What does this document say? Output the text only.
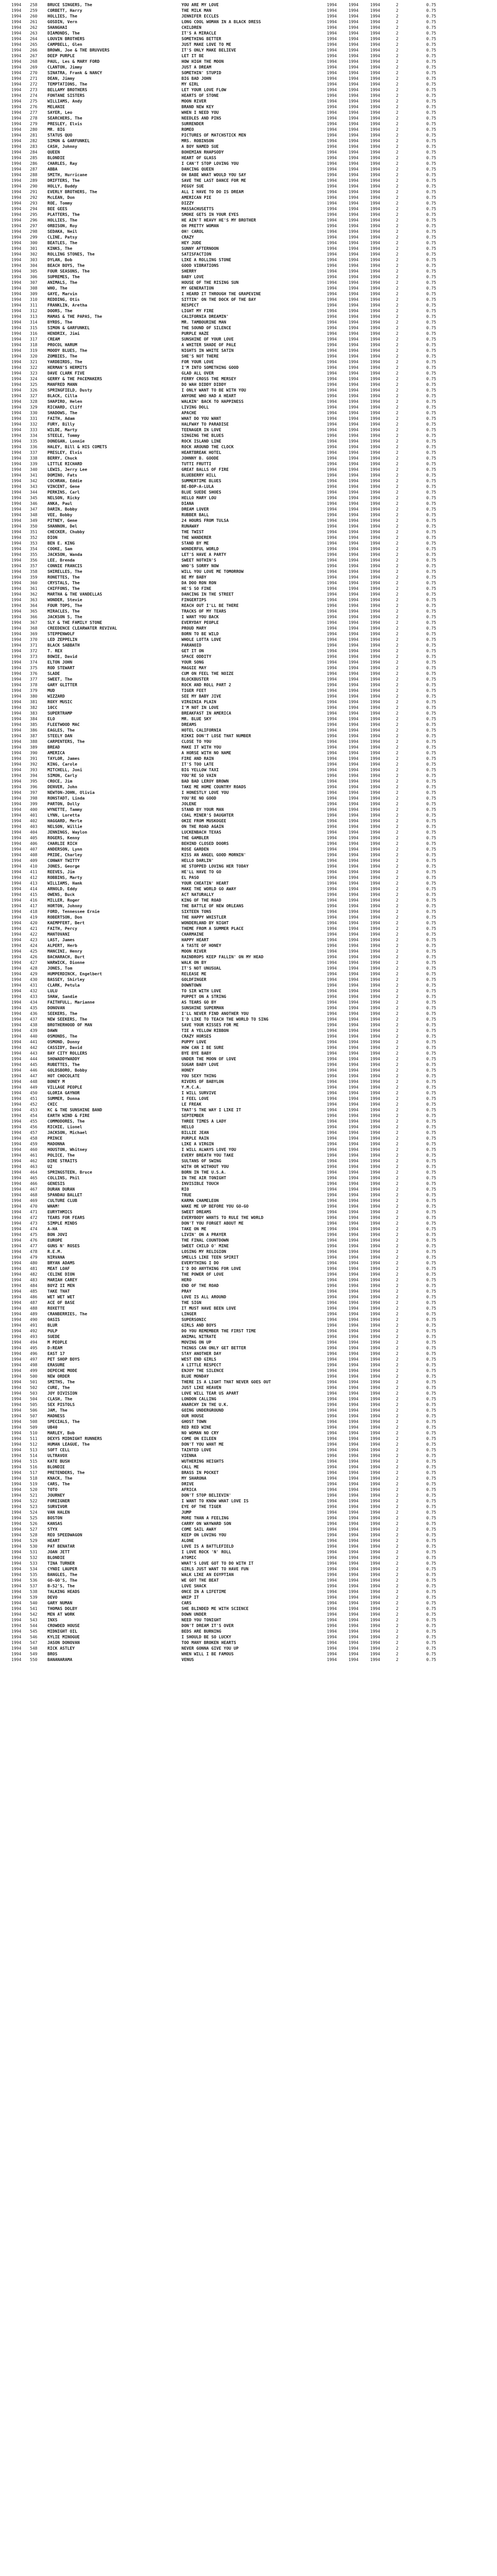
1994	258	BRUCE SINGERS, The	YOU ARE MY LOVE	1994	1994	1994	2	0.75
1994	259	CORBETT, Harry	THE MILK MAN	1994	1994	1994	2	0.75
1994	260	HOLLIES, The	JENNIFER ECCLES	1994	1994	1994	2	0.75
1994	261	GOSDIN, Vern	LONG COOL WOMAN IN A BLACK DRESS	1994	1994	1994	2	0.75
1994	262	SHANGHAI	CHILDREN	1994	1994	1994	2	0.75
1994	263	DIAMONDS, The	IT'S A MIRACLE	1994	1994	1994	2	0.75
1994	264	LOUVIN BROTHERS	SOMETHING BETTER	1994	1994	1994	2	0.75
1994	265	CAMPBELL, Glen	JUST MAKE LOVE TO ME	1994	1994	1994	2	0.75
1994	266	BROWN, Joe & THE BRUVVERS	IT'S ONLY MAKE BELIEVE	1994	1994	1994	2	0.75
1994	267	DEEP PURPLE	LET IT BE	1994	1994	1994	2	0.75
1994	268	PAUL, Les & MARY FORD	HOW HIGH THE MOON	1994	1994	1994	2	0.75
1994	269	CLANTON, Jimmy	JUST A DREAM	1994	1994	1994	2	0.75
1994	270	SINATRA, Frank & NANCY	SOMETHIN' STUPID	1994	1994	1994	2	0.75
1994	271	DEAN, Jimmy	BIG BAD JOHN	1994	1994	1994	2	0.75
1994	272	TEMPTATIONS, The	MY GIRL	1994	1994	1994	2	0.75
1994	273	BELLAMY BROTHERS	LET YOUR LOVE FLOW	1994	1994	1994	2	0.75
1994	274	FONTANE SISTERS	HEARTS OF STONE	1994	1994	1994	2	0.75
1994	275	WILLIAMS, Andy	MOON RIVER	1994	1994	1994	2	0.75
1994	276	MELANIE	BRAND NEW KEY	1994	1994	1994	2	0.75
1994	277	SAYER, Leo	WHEN I NEED YOU	1994	1994	1994	2	0.75
1994	278	SEARCHERS, The	NEEDLES AND PINS	1994	1994	1994	2	0.75
1994	279	PRESLEY, Elvis	SURRENDER	1994	1994	1994	2	0.75
1994	280	MR. BIG	ROMEO	1994	1994	1994	2	0.75
1994	281	STATUS QUO	PICTURES OF MATCHSTICK MEN	1994	1994	1994	2	0.75
1994	282	SIMON & GARFUNKEL	MRS. ROBINSON	1994	1994	1994	2	0.75
1994	283	CASH, Johnny	A BOY NAMED SUE	1994	1994	1994	2	0.75
1994	284	QUEEN	BOHEMIAN RHAPSODY	1994	1994	1994	2	0.75
1994	285	BLONDIE	HEART OF GLASS	1994	1994	1994	2	0.75
1994	286	CHARLES, Ray	I CAN'T STOP LOVING YOU	1994	1994	1994	2	0.75
1994	287	ABBA	DANCING QUEEN	1994	1994	1994	2	0.75
1994	288	SMITH, Hurricane	OH BABE WHAT WOULD YOU SAY	1994	1994	1994	2	0.75
1994	289	DRIFTERS, The	SAVE THE LAST DANCE FOR ME	1994	1994	1994	2	0.75
1994	290	HOLLY, Buddy	PEGGY SUE	1994	1994	1994	2	0.75
1994	291	EVERLY BROTHERS, The	ALL I HAVE TO DO IS DREAM	1994	1994	1994	2	0.75
1994	292	McLEAN, Don	AMERICAN PIE	1994	1994	1994	2	0.75
1994	293	ROE, Tommy	DIZZY	1994	1994	1994	2	0.75
1994	294	BEE GEES	MASSACHUSETTS	1994	1994	1994	2	0.75
1994	295	PLATTERS, The	SMOKE GETS IN YOUR EYES	1994	1994	1994	2	0.75
1994	296	HOLLIES, The	HE AIN'T HEAVY HE'S MY BROTHER	1994	1994	1994	2	0.75
1994	297	ORBISON, Roy	OH PRETTY WOMAN	1994	1994	1994	2	0.75
1994	298	SEDAKA, Neil	OH! CAROL	1994	1994	1994	2	0.75
1994	299	CLINE, Patsy	CRAZY	1994	1994	1994	2	0.75
1994	300	BEATLES, The	HEY JUDE	1994	1994	1994	2	0.75
1994	301	KINKS, The	SUNNY AFTERNOON	1994	1994	1994	2	0.75
1994	302	ROLLING STONES, The	SATISFACTION	1994	1994	1994	2	0.75
1994	303	DYLAN, Bob	LIKE A ROLLING STONE	1994	1994	1994	2	0.75
1994	304	BEACH BOYS, The	GOOD VIBRATIONS	1994	1994	1994	2	0.75
1994	305	FOUR SEASONS, The	SHERRY	1994	1994	1994	2	0.75
1994	306	SUPREMES, The	BABY LOVE	1994	1994	1994	2	0.75
1994	307	ANIMALS, The	HOUSE OF THE RISING SUN	1994	1994	1994	2	0.75
1994	308	WHO, The	MY GENERATION	1994	1994	1994	2	0.75
1994	309	GAYE, Marvin	I HEARD IT THROUGH THE GRAPEVINE	1994	1994	1994	2	0.75
1994	310	REDDING, Otis	SITTIN' ON THE DOCK OF THE BAY	1994	1994	1994	2	0.75
1994	311	FRANKLIN, Aretha	RESPECT	1994	1994	1994	2	0.75
1994	312	DOORS, The	LIGHT MY FIRE	1994	1994	1994	2	0.75
1994	313	MAMAS & THE PAPAS, The	CALIFORNIA DREAMIN'	1994	1994	1994	2	0.75
1994	314	BYRDS, The	MR. TAMBOURINE MAN	1994	1994	1994	2	0.75
1994	315	SIMON & GARFUNKEL	THE SOUND OF SILENCE	1994	1994	1994	2	0.75
1994	316	HENDRIX, Jimi	PURPLE HAZE	1994	1994	1994	2	0.75
1994	317	CREAM	SUNSHINE OF YOUR LOVE	1994	1994	1994	2	0.75
1994	318	PROCOL HARUM	A WHITER SHADE OF PALE	1994	1994	1994	2	0.75
1994	319	MOODY BLUES, The	NIGHTS IN WHITE SATIN	1994	1994	1994	2	0.75
1994	320	ZOMBIES, The	SHE'S NOT THERE	1994	1994	1994	2	0.75
1994	321	YARDBIRDS, The	FOR YOUR LOVE	1994	1994	1994	2	0.75
1994	322	HERMAN'S HERMITS	I'M INTO SOMETHING GOOD	1994	1994	1994	2	0.75
1994	323	DAVE CLARK FIVE	GLAD ALL OVER	1994	1994	1994	2	0.75
1994	324	GERRY & THE PACEMAKERS	FERRY CROSS THE MERSEY	1994	1994	1994	2	0.75
1994	325	MANFRED MANN	DO WAH DIDDY DIDDY	1994	1994	1994	2	0.75
1994	326	SPRINGFIELD, Dusty	I ONLY WANT TO BE WITH YOU	1994	1994	1994	2	0.75
1994	327	BLACK, Cilla	ANYONE WHO HAD A HEART	1994	1994	1994	2	0.75
1994	328	SHAPIRO, Helen	WALKIN' BACK TO HAPPINESS	1994	1994	1994	2	0.75
1994	329	RICHARD, Cliff	LIVING DOLL	1994	1994	1994	2	0.75
1994	330	SHADOWS, The	APACHE	1994	1994	1994	2	0.75
1994	331	FAITH, Adam	WHAT DO YOU WANT	1994	1994	1994	2	0.75
1994	332	FURY, Billy	HALFWAY TO PARADISE	1994	1994	1994	2	0.75
1994	333	WILDE, Marty	TEENAGER IN LOVE	1994	1994	1994	2	0.75
1994	334	STEELE, Tommy	SINGING THE BLUES	1994	1994	1994	2	0.75
1994	335	DONEGAN, Lonnie	ROCK ISLAND LINE	1994	1994	1994	2	0.75
1994	336	HALEY, Bill & HIS COMETS	ROCK AROUND THE CLOCK	1994	1994	1994	2	0.75
1994	337	PRESLEY, Elvis	HEARTBREAK HOTEL	1994	1994	1994	2	0.75
1994	338	BERRY, Chuck	JOHNNY B. GOODE	1994	1994	1994	2	0.75
1994	339	LITTLE RICHARD	TUTTI FRUTTI	1994	1994	1994	2	0.75
1994	340	LEWIS, Jerry Lee	GREAT BALLS OF FIRE	1994	1994	1994	2	0.75
1994	341	DOMINO, Fats	BLUEBERRY HILL	1994	1994	1994	2	0.75
1994	342	COCHRAN, Eddie	SUMMERTIME BLUES	1994	1994	1994	2	0.75
1994	343	VINCENT, Gene	BE-BOP-A-LULA	1994	1994	1994	2	0.75
1994	344	PERKINS, Carl	BLUE SUEDE SHOES	1994	1994	1994	2	0.75
1994	345	NELSON, Ricky	HELLO MARY LOU	1994	1994	1994	2	0.75
1994	346	ANKA, Paul	DIANA	1994	1994	1994	2	0.75
1994	347	DARIN, Bobby	DREAM LOVER	1994	1994	1994	2	0.75
1994	348	VEE, Bobby	RUBBER BALL	1994	1994	1994	2	0.75
1994	349	PITNEY, Gene	24 HOURS FROM TULSA	1994	1994	1994	2	0.75
1994	350	SHANNON, Del	RUNAWAY	1994	1994	1994	2	0.75
1994	351	CHECKER, Chubby	THE TWIST	1994	1994	1994	2	0.75
1994	352	DION	THE WANDERER	1994	1994	1994	2	0.75
1994	353	BEN E. KING	STAND BY ME	1994	1994	1994	2	0.75
1994	354	COOKE, Sam	WONDERFUL WORLD	1994	1994	1994	2	0.75
1994	355	JACKSON, Wanda	LET'S HAVE A PARTY	1994	1994	1994	2	0.75
1994	356	LEE, Brenda	SWEET NOTHIN'S	1994	1994	1994	2	0.75
1994	357	CONNIE FRANCIS	WHO'S SORRY NOW	1994	1994	1994	2	0.75
1994	358	SHIRELLES, The	WILL YOU LOVE ME TOMORROW	1994	1994	1994	2	0.75
1994	359	RONETTES, The	BE MY BABY	1994	1994	1994	2	0.75
1994	360	CRYSTALS, The	DA DOO RON RON	1994	1994	1994	2	0.75
1994	361	CHIFFONS, The	HE'S SO FINE	1994	1994	1994	2	0.75
1994	362	MARTHA & THE VANDELLAS	DANCING IN THE STREET	1994	1994	1994	2	0.75
1994	363	WONDER, Stevie	FINGERTIPS	1994	1994	1994	2	0.75
1994	364	FOUR TOPS, The	REACH OUT I'LL BE THERE	1994	1994	1994	2	0.75
1994	365	MIRACLES, The	TRACKS OF MY TEARS	1994	1994	1994	2	0.75
1994	366	JACKSON 5, The	I WANT YOU BACK	1994	1994	1994	2	0.75
1994	367	SLY & THE FAMILY STONE	EVERYDAY PEOPLE	1994	1994	1994	2	0.75
1994	368	CREEDENCE CLEARWATER REVIVAL	PROUD MARY	1994	1994	1994	2	0.75
1994	369	STEPPENWOLF	BORN TO BE WILD	1994	1994	1994	2	0.75
1994	370	LED ZEPPELIN	WHOLE LOTTA LOVE	1994	1994	1994	2	0.75
1994	371	BLACK SABBATH	PARANOID	1994	1994	1994	2	0.75
1994	372	T. REX	GET IT ON	1994	1994	1994	2	0.75
1994	373	BOWIE, David	SPACE ODDITY	1994	1994	1994	2	0.75
1994	374	ELTON JOHN	YOUR SONG	1994	1994	1994	2	0.75
1994	375	ROD STEWART	MAGGIE MAY	1994	1994	1994	2	0.75
1994	376	SLADE	CUM ON FEEL THE NOIZE	1994	1994	1994	2	0.75
1994	377	SWEET, The	BLOCKBUSTER	1994	1994	1994	2	0.75
1994	378	GARY GLITTER	ROCK AND ROLL PART 2	1994	1994	1994	2	0.75
1994	379	MUD	TIGER FEET	1994	1994	1994	2	0.75
1994	380	WIZZARD	SEE MY BABY JIVE	1994	1994	1994	2	0.75
1994	381	ROXY MUSIC	VIRGINIA PLAIN	1994	1994	1994	2	0.75
1994	382	10CC	I'M NOT IN LOVE	1994	1994	1994	2	0.75
1994	383	SUPERTRAMP	BREAKFAST IN AMERICA	1994	1994	1994	2	0.75
1994	384	ELO	MR. BLUE SKY	1994	1994	1994	2	0.75
1994	385	FLEETWOOD MAC	DREAMS	1994	1994	1994	2	0.75
1994	386	EAGLES, The	HOTEL CALIFORNIA	1994	1994	1994	2	0.75
1994	387	STEELY DAN	RIKKI DON'T LOSE THAT NUMBER	1994	1994	1994	2	0.75
1994	388	CARPENTERS, The	CLOSE TO YOU	1994	1994	1994	2	0.75
1994	389	BREAD	MAKE IT WITH YOU	1994	1994	1994	2	0.75
1994	390	AMERICA	A HORSE WITH NO NAME	1994	1994	1994	2	0.75
1994	391	TAYLOR, James	FIRE AND RAIN	1994	1994	1994	2	0.75
1994	392	KING, Carole	IT'S TOO LATE	1994	1994	1994	2	0.75
1994	393	MITCHELL, Joni	BIG YELLOW TAXI	1994	1994	1994	2	0.75
1994	394	SIMON, Carly	YOU'RE SO VAIN	1994	1994	1994	2	0.75
1994	395	CROCE, Jim	BAD BAD LEROY BROWN	1994	1994	1994	2	0.75
1994	396	DENVER, John	TAKE ME HOME COUNTRY ROADS	1994	1994	1994	2	0.75
1994	397	NEWTON-JOHN, Olivia	I HONESTLY LOVE YOU	1994	1994	1994	2	0.75
1994	398	RONSTADT, Linda	YOU'RE NO GOOD	1994	1994	1994	2	0.75
1994	399	PARTON, Dolly	JOLENE	1994	1994	1994	2	0.75
1994	400	WYNETTE, Tammy	STAND BY YOUR MAN	1994	1994	1994	2	0.75
1994	401	LYNN, Loretta	COAL MINER'S DAUGHTER	1994	1994	1994	2	0.75
1994	402	HAGGARD, Merle	OKIE FROM MUSKOGEE	1994	1994	1994	2	0.75
1994	403	NELSON, Willie	ON THE ROAD AGAIN	1994	1994	1994	2	0.75
1994	404	JENNINGS, Waylon	LUCKENBACH TEXAS	1994	1994	1994	2	0.75
1994	405	ROGERS, Kenny	THE GAMBLER	1994	1994	1994	2	0.75
1994	406	CHARLIE RICH	BEHIND CLOSED DOORS	1994	1994	1994	2	0.75
1994	407	ANDERSON, Lynn	ROSE GARDEN	1994	1994	1994	2	0.75
1994	408	PRIDE, Charley	KISS AN ANGEL GOOD MORNIN'	1994	1994	1994	2	0.75
1994	409	CONWAY TWITTY	HELLO DARLIN'	1994	1994	1994	2	0.75
1994	410	JONES, George	HE STOPPED LOVING HER TODAY	1994	1994	1994	2	0.75
1994	411	REEVES, Jim	HE'LL HAVE TO GO	1994	1994	1994	2	0.75
1994	412	ROBBINS, Marty	EL PASO	1994	1994	1994	2	0.75
1994	413	WILLIAMS, Hank	YOUR CHEATIN' HEART	1994	1994	1994	2	0.75
1994	414	ARNOLD, Eddy	MAKE THE WORLD GO AWAY	1994	1994	1994	2	0.75
1994	415	OWENS, Buck	ACT NATURALLY	1994	1994	1994	2	0.75
1994	416	MILLER, Roger	KING OF THE ROAD	1994	1994	1994	2	0.75
1994	417	HORTON, Johnny	THE BATTLE OF NEW ORLEANS	1994	1994	1994	2	0.75
1994	418	FORD, Tennessee Ernie	SIXTEEN TONS	1994	1994	1994	2	0.75
1994	419	ROBERTSON, Don	THE HAPPY WHISTLER	1994	1994	1994	2	0.75
1994	420	KAEMPFERT, Bert	WONDERLAND BY NIGHT	1994	1994	1994	2	0.75
1994	421	FAITH, Percy	THEME FROM A SUMMER PLACE	1994	1994	1994	2	0.75
1994	422	MANTOVANI	CHARMAINE	1994	1994	1994	2	0.75
1994	423	LAST, James	HAPPY HEART	1994	1994	1994	2	0.75
1994	424	ALPERT, Herb	A TASTE OF HONEY	1994	1994	1994	2	0.75
1994	425	MANCINI, Henry	MOON RIVER	1994	1994	1994	2	0.75
1994	426	BACHARACH, Burt	RAINDROPS KEEP FALLIN' ON MY HEAD	1994	1994	1994	2	0.75
1994	427	WARWICK, Dionne	WALK ON BY	1994	1994	1994	2	0.75
1994	428	JONES, Tom	IT'S NOT UNUSUAL	1994	1994	1994	2	0.75
1994	429	HUMPERDINCK, Engelbert	RELEASE ME	1994	1994	1994	2	0.75
1994	430	BASSEY, Shirley	GOLDFINGER	1994	1994	1994	2	0.75
1994	431	CLARK, Petula	DOWNTOWN	1994	1994	1994	2	0.75
1994	432	LULU	TO SIR WITH LOVE	1994	1994	1994	2	0.75
1994	433	SHAW, Sandie	PUPPET ON A STRING	1994	1994	1994	2	0.75
1994	434	FAITHFULL, Marianne	AS TEARS GO BY	1994	1994	1994	2	0.75
1994	435	DONOVAN	SUNSHINE SUPERMAN	1994	1994	1994	2	0.75
1994	436	SEEKERS, The	I'LL NEVER FIND ANOTHER YOU	1994	1994	1994	2	0.75
1994	437	NEW SEEKERS, The	I'D LIKE TO TEACH THE WORLD TO SING	1994	1994	1994	2	0.75
1994	438	BROTHERHOOD OF MAN	SAVE YOUR KISSES FOR ME	1994	1994	1994	2	0.75
1994	439	DAWN	TIE A YELLOW RIBBON	1994	1994	1994	2	0.75
1994	440	OSMONDS, The	CRAZY HORSES	1994	1994	1994	2	0.75
1994	441	OSMOND, Donny	PUPPY LOVE	1994	1994	1994	2	0.75
1994	442	CASSIDY, David	HOW CAN I BE SURE	1994	1994	1994	2	0.75
1994	443	BAY CITY ROLLERS	BYE BYE BABY	1994	1994	1994	2	0.75
1994	444	SHOWADDYWADDY	UNDER THE MOON OF LOVE	1994	1994	1994	2	0.75
1994	445	RUBETTES, The	SUGAR BABY LOVE	1994	1994	1994	2	0.75
1994	446	GOLDSBORO, Bobby	HONEY	1994	1994	1994	2	0.75
1994	447	HOT CHOCOLATE	YOU SEXY THING	1994	1994	1994	2	0.75
1994	448	BONEY M	RIVERS OF BABYLON	1994	1994	1994	2	0.75
1994	449	VILLAGE PEOPLE	Y.M.C.A.	1994	1994	1994	2	0.75
1994	450	GLORIA GAYNOR	I WILL SURVIVE	1994	1994	1994	2	0.75
1994	451	SUMMER, Donna	I FEEL LOVE	1994	1994	1994	2	0.75
1994	452	CHIC	LE FREAK	1994	1994	1994	2	0.75
1994	453	KC & THE SUNSHINE BAND	THAT'S THE WAY I LIKE IT	1994	1994	1994	2	0.75
1994	454	EARTH WIND & FIRE	SEPTEMBER	1994	1994	1994	2	0.75
1994	455	COMMODORES, The	THREE TIMES A LADY	1994	1994	1994	2	0.75
1994	456	RICHIE, Lionel	HELLO	1994	1994	1994	2	0.75
1994	457	JACKSON, Michael	BILLIE JEAN	1994	1994	1994	2	0.75
1994	458	PRINCE	PURPLE RAIN	1994	1994	1994	2	0.75
1994	459	MADONNA	LIKE A VIRGIN	1994	1994	1994	2	0.75
1994	460	HOUSTON, Whitney	I WILL ALWAYS LOVE YOU	1994	1994	1994	2	0.75
1994	461	POLICE, The	EVERY BREATH YOU TAKE	1994	1994	1994	2	0.75
1994	462	DIRE STRAITS	SULTANS OF SWING	1994	1994	1994	2	0.75
1994	463	U2	WITH OR WITHOUT YOU	1994	1994	1994	2	0.75
1994	464	SPRINGSTEEN, Bruce	BORN IN THE U.S.A.	1994	1994	1994	2	0.75
1994	465	COLLINS, Phil	IN THE AIR TONIGHT	1994	1994	1994	2	0.75
1994	466	GENESIS	INVISIBLE TOUCH	1994	1994	1994	2	0.75
1994	467	DURAN DURAN	RIO	1994	1994	1994	2	0.75
1994	468	SPANDAU BALLET	TRUE	1994	1994	1994	2	0.75
1994	469	CULTURE CLUB	KARMA CHAMELEON	1994	1994	1994	2	0.75
1994	470	WHAM!	WAKE ME UP BEFORE YOU GO-GO	1994	1994	1994	2	0.75
1994	471	EURYTHMICS	SWEET DREAMS	1994	1994	1994	2	0.75
1994	472	TEARS FOR FEARS	EVERYBODY WANTS TO RULE THE WORLD	1994	1994	1994	2	0.75
1994	473	SIMPLE MINDS	DON'T YOU FORGET ABOUT ME	1994	1994	1994	2	0.75
1994	474	A-HA	TAKE ON ME	1994	1994	1994	2	0.75
1994	475	BON JOVI	LIVIN' ON A PRAYER	1994	1994	1994	2	0.75
1994	476	EUROPE	THE FINAL COUNTDOWN	1994	1994	1994	2	0.75
1994	477	GUNS N' ROSES	SWEET CHILD O' MINE	1994	1994	1994	2	0.75
1994	478	R.E.M.	LOSING MY RELIGION	1994	1994	1994	2	0.75
1994	479	NIRVANA	SMELLS LIKE TEEN SPIRIT	1994	1994	1994	2	0.75
1994	480	BRYAN ADAMS	EVERYTHING I DO	1994	1994	1994	2	0.75
1994	481	MEAT LOAF	I'D DO ANYTHING FOR LOVE	1994	1994	1994	2	0.75
1994	482	CELINE DION	THE POWER OF LOVE	1994	1994	1994	2	0.75
1994	483	MARIAH CAREY	HERO	1994	1994	1994	2	0.75
1994	484	BOYZ II MEN	END OF THE ROAD	1994	1994	1994	2	0.75
1994	485	TAKE THAT	PRAY	1994	1994	1994	2	0.75
1994	486	WET WET WET	LOVE IS ALL AROUND	1994	1994	1994	2	0.75
1994	487	ACE OF BASE	THE SIGN	1994	1994	1994	2	0.75
1994	488	ROXETTE	IT MUST HAVE BEEN LOVE	1994	1994	1994	2	0.75
1994	489	CRANBERRIES, The	LINGER	1994	1994	1994	2	0.75
1994	490	OASIS	SUPERSONIC	1994	1994	1994	2	0.75
1994	491	BLUR	GIRLS AND BOYS	1994	1994	1994	2	0.75
1994	492	PULP	DO YOU REMEMBER THE FIRST TIME	1994	1994	1994	2	0.75
1994	493	SUEDE	ANIMAL NITRATE	1994	1994	1994	2	0.75
1994	494	M PEOPLE	MOVING ON UP	1994	1994	1994	2	0.75
1994	495	D:REAM	THINGS CAN ONLY GET BETTER	1994	1994	1994	2	0.75
1994	496	EAST 17	STAY ANOTHER DAY	1994	1994	1994	2	0.75
1994	497	PET SHOP BOYS	WEST END GIRLS	1994	1994	1994	2	0.75
1994	498	ERASURE	A LITTLE RESPECT	1994	1994	1994	2	0.75
1994	499	DEPECHE MODE	ENJOY THE SILENCE	1994	1994	1994	2	0.75
1994	500	NEW ORDER	BLUE MONDAY	1994	1994	1994	2	0.75
1994	501	SMITHS, The	THERE IS A LIGHT THAT NEVER GOES OUT	1994	1994	1994	2	0.75
1994	502	CURE, The	JUST LIKE HEAVEN	1994	1994	1994	2	0.75
1994	503	JOY DIVISION	LOVE WILL TEAR US APART	1994	1994	1994	2	0.75
1994	504	CLASH, The	LONDON CALLING	1994	1994	1994	2	0.75
1994	505	SEX PISTOLS	ANARCHY IN THE U.K.	1994	1994	1994	2	0.75
1994	506	JAM, The	GOING UNDERGROUND	1994	1994	1994	2	0.75
1994	507	MADNESS	OUR HOUSE	1994	1994	1994	2	0.75
1994	508	SPECIALS, The	GHOST TOWN	1994	1994	1994	2	0.75
1994	509	UB40	RED RED WINE	1994	1994	1994	2	0.75
1994	510	MARLEY, Bob	NO WOMAN NO CRY	1994	1994	1994	2	0.75
1994	511	DEXYS MIDNIGHT RUNNERS	COME ON EILEEN	1994	1994	1994	2	0.75
1994	512	HUMAN LEAGUE, The	DON'T YOU WANT ME	1994	1994	1994	2	0.75
1994	513	SOFT CELL	TAINTED LOVE	1994	1994	1994	2	0.75
1994	514	ULTRAVOX	VIENNA	1994	1994	1994	2	0.75
1994	515	KATE BUSH	WUTHERING HEIGHTS	1994	1994	1994	2	0.75
1994	516	BLONDIE	CALL ME	1994	1994	1994	2	0.75
1994	517	PRETENDERS, The	BRASS IN POCKET	1994	1994	1994	2	0.75
1994	518	KNACK, The	MY SHARONA	1994	1994	1994	2	0.75
1994	519	CARS, The	DRIVE	1994	1994	1994	2	0.75
1994	520	TOTO	AFRICA	1994	1994	1994	2	0.75
1994	521	JOURNEY	DON'T STOP BELIEVIN'	1994	1994	1994	2	0.75
1994	522	FOREIGNER	I WANT TO KNOW WHAT LOVE IS	1994	1994	1994	2	0.75
1994	523	SURVIVOR	EYE OF THE TIGER	1994	1994	1994	2	0.75
1994	524	VAN HALEN	JUMP	1994	1994	1994	2	0.75
1994	525	BOSTON	MORE THAN A FEELING	1994	1994	1994	2	0.75
1994	526	KANSAS	CARRY ON WAYWARD SON	1994	1994	1994	2	0.75
1994	527	STYX	COME SAIL AWAY	1994	1994	1994	2	0.75
1994	528	REO SPEEDWAGON	KEEP ON LOVING YOU	1994	1994	1994	2	0.75
1994	529	HEART	ALONE	1994	1994	1994	2	0.75
1994	530	PAT BENATAR	LOVE IS A BATTLEFIELD	1994	1994	1994	2	0.75
1994	531	JOAN JETT	I LOVE ROCK 'N' ROLL	1994	1994	1994	2	0.75
1994	532	BLONDIE	ATOMIC	1994	1994	1994	2	0.75
1994	533	TINA TURNER	WHAT'S LOVE GOT TO DO WITH IT	1994	1994	1994	2	0.75
1994	534	CYNDI LAUPER	GIRLS JUST WANT TO HAVE FUN	1994	1994	1994	2	0.75
1994	535	BANGLES, The	WALK LIKE AN EGYPTIAN	1994	1994	1994	2	0.75
1994	536	GO-GO'S, The	WE GOT THE BEAT	1994	1994	1994	2	0.75
1994	537	B-52'S, The	LOVE SHACK	1994	1994	1994	2	0.75
1994	538	TALKING HEADS	ONCE IN A LIFETIME	1994	1994	1994	2	0.75
1994	539	DEVO	WHIP IT	1994	1994	1994	2	0.75
1994	540	GARY NUMAN	CARS	1994	1994	1994	2	0.75
1994	541	THOMAS DOLBY	SHE BLINDED ME WITH SCIENCE	1994	1994	1994	2	0.75
1994	542	MEN AT WORK	DOWN UNDER	1994	1994	1994	2	0.75
1994	543	INXS	NEED YOU TONIGHT	1994	1994	1994	2	0.75
1994	544	CROWDED HOUSE	DON'T DREAM IT'S OVER	1994	1994	1994	2	0.75
1994	545	MIDNIGHT OIL	BEDS ARE BURNING	1994	1994	1994	2	0.75
1994	546	KYLIE MINOGUE	I SHOULD BE SO LUCKY	1994	1994	1994	2	0.75
1994	547	JASON DONOVAN	TOO MANY BROKEN HEARTS	1994	1994	1994	2	0.75
1994	548	RICK ASTLEY	NEVER GONNA GIVE YOU UP	1994	1994	1994	2	0.75
1994	549	BROS	WHEN WILL I BE FAMOUS	1994	1994	1994	2	0.75
1994	550	BANANARAMA	VENUS	1994	1994	1994	2	0.75
